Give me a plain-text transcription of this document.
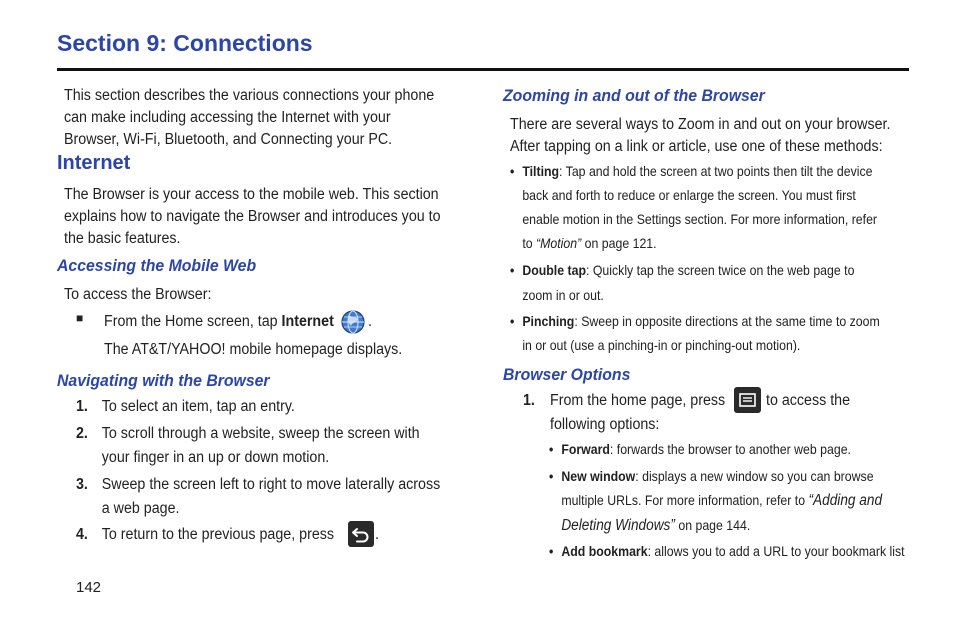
Section 9: Connections

This section describes the various connections your phone

can make including accessing the Internet with your

Browser, Wi-Fi, Bluetooth, and Connecting your PC.

Internet

The Browser is your access to the mobile web. This section

explains how to navigate the Browser and introduces you to

the basic features.

Accessing the Mobile Web
To access the Browser:
■ From the Home screen, tap Internet .
The AT&T/YAHOO! mobile homepage displays.
Navigating with the Browser

1. To select an item, tap an entry.

2. To scroll through a website, sweep the screen with

your finger in an up or down motion.

3. Sweep the screen left to right to move laterally across

a web page.

4. To return to the previous page, press	.
142
Zooming in and out of the Browser

There are several ways to Zoom in and out on your browser.

After tapping on a link or article, use one of these methods:

• Tilting: Tap and hold the screen at two points then tilt the device

back and forth to reduce or enlarge the screen. You must first

enable motion in the Settings section. For more information, refer

to “Motion” on page 121.

• Double tap: Quickly tap the screen twice on the web page to

zoom in or out.

• Pinching: Sweep in opposite directions at the same time to zoom

in or out (use a pinching-in or pinching-out motion).

Browser Options
1. From the home page, press	to access the
following options:

• Forward: forwards the browser to another web page.

• New window: displays a new window so you can browse

multiple URLs. For more information, refer to “Adding and

Deleting Windows” on page 144.

• Add bookmark: allows you to add a URL to your bookmark list
